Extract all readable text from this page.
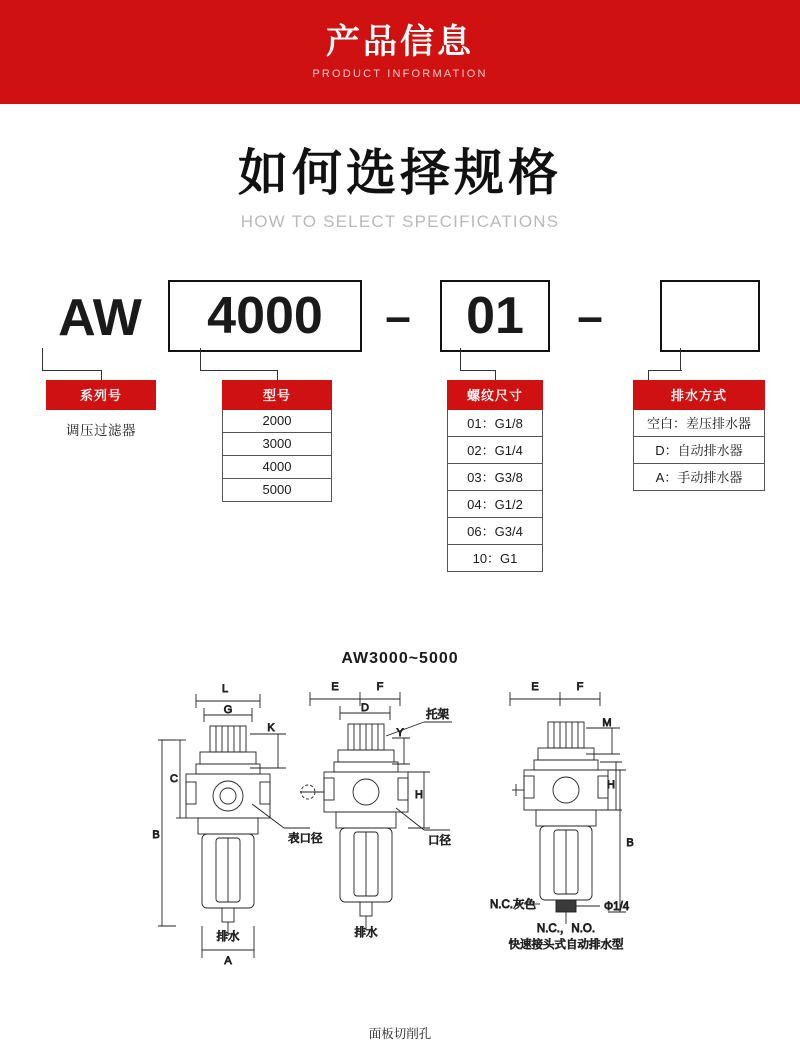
产品信息
PRODUCT INFORMATION
如何选择规格
HOW TO SELECT SPECIFICATIONS
AW	4000	–	01	–
系列号
调压过滤器
型号
2000
3000
4000
5000
螺纹尺寸
01：G1/8
02：G1/4
03：G3/8
04：G1/2
06：G3/4
10：G1
排水方式
空白：差压排水器
D：自动排水器
A：手动排水器
AW3000~5000
L
G
K
C
B
A
表口径
排水
E	F
D
托架
Y
H
口径
排水
E	F
M
H
B
N.C.灰色	Φ1/4
N.C.，N.O.
快速接头式自动排水型
面板切削孔
